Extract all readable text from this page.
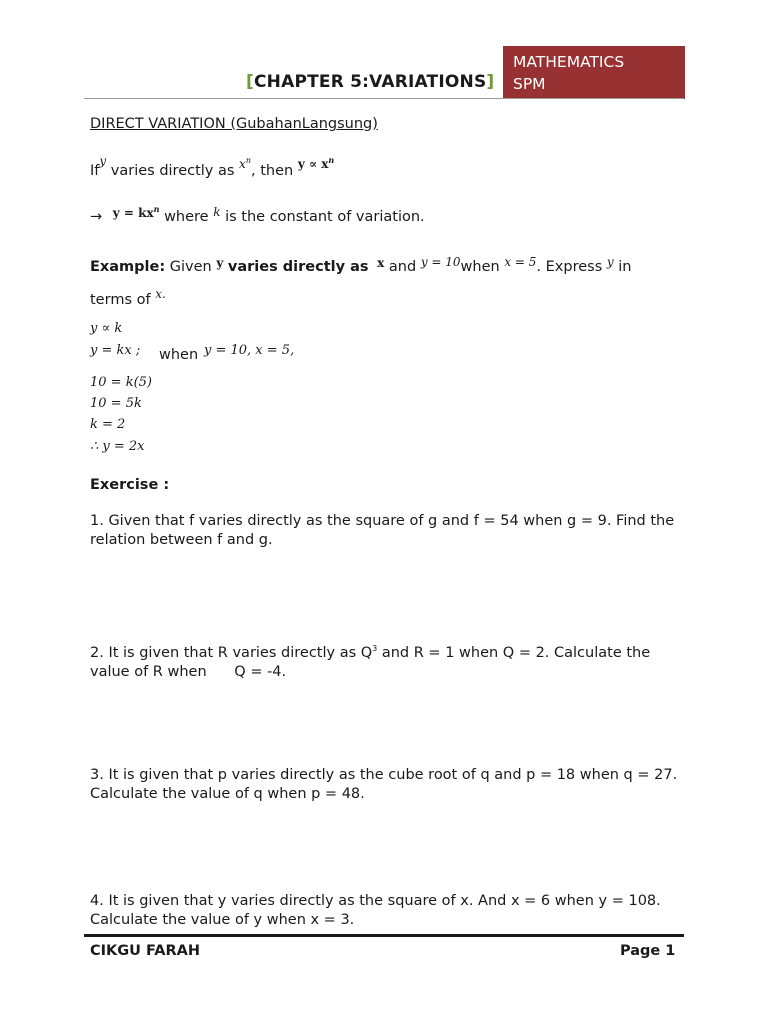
[CHAPTER 5:VARIATIONS]
MATHEMATICS
SPM
DIRECT VARIATION (GubahanLangsung)
If$^y$ varies directly as $^{x^n}$, then $^{y \propto x^n}$
→ $^{y = kx^n}$ where $^k$ is the constant of variation.
Example: Given $^y$ varies directly as $^x$ and $^{y = 10}$when $^{x = 5}$. Express $^y$ in
terms of $^{x.}$
y ∝ k
y = kx ; when y = 10, x = 5,
10 = k(5)
10 = 5k
k = 2
∴ y = 2x
Exercise :
1. Given that f varies directly as the square of g and f = 54 when g = 9. Find the relation between f and g.
2. It is given that R varies directly as $Q^3$ and R = 1 when Q = 2. Calculate the value of R when      Q = -4.
3. It is given that p varies directly as the cube root of q and p = 18 when q = 27. Calculate the value of q when p = 48.
4. It is given that y varies directly as the square of x. And x = 6 when y = 108. Calculate the value of y when x = 3.
CIKGU FARAH	Page 1
